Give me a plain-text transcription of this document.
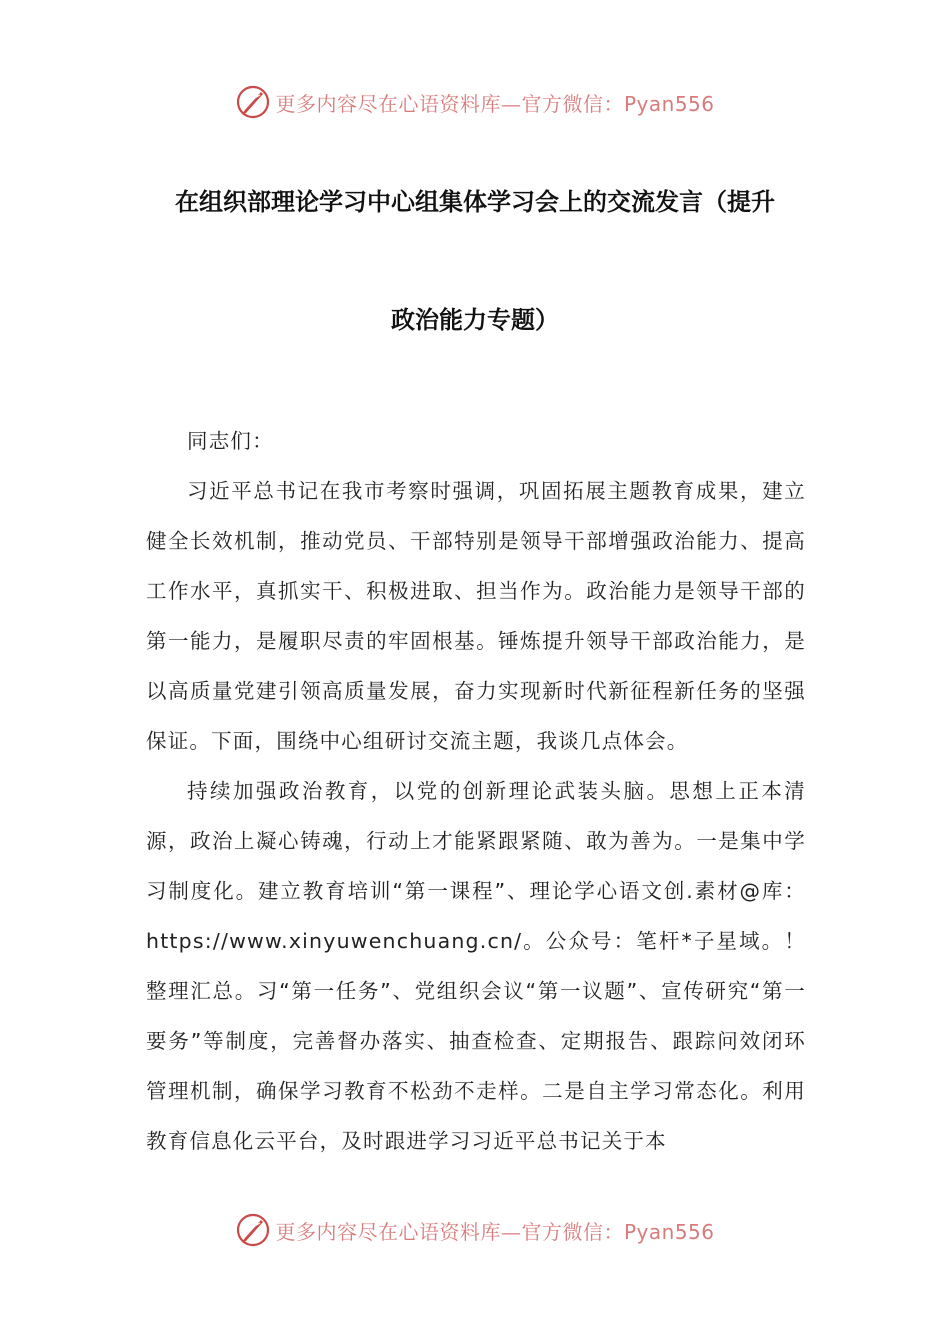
更多内容尽在心语资料库—官方微信：Pyan556
在组织部理论学习中心组集体学习会上的交流发言（提升
政治能力专题）

同志们：

习近平总书记在我市考察时强调，巩固拓展主题教育成果，建立健全长效机制，推动党员、干部特别是领导干部增强政治能力、提高工作水平，真抓实干、积极进取、担当作为。政治能力是领导干部的第一能力，是履职尽责的牢固根基。锤炼提升领导干部政治能力，是以高质量党建引领高质量发展，奋力实现新时代新征程新任务的坚强保证。下面，围绕中心组研讨交流主题，我谈几点体会。

持续加强政治教育，以党的创新理论武装头脑。思想上正本清源，政治上凝心铸魂，行动上才能紧跟紧随、敢为善为。一是集中学习制度化。建立教育培训“第一课程”、理论学心语文创.素材@库：https://www.xinyuwenchuang.cn/。公众号：笔杆*子星域。！整理汇总。习“第一任务”、党组织会议“第一议题”、宣传研究“第一要务”等制度，完善督办落实、抽查检查、定期报告、跟踪问效闭环管理机制，确保学习教育不松劲不走样。二是自主学习常态化。利用教育信息化云平台，及时跟进学习习近平总书记关于本

更多内容尽在心语资料库—官方微信：Pyan556
